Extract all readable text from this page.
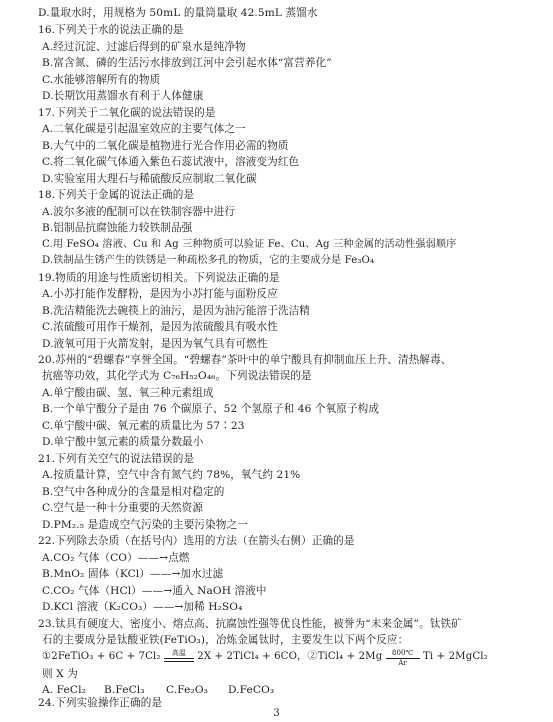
D.量取水时，用规格为 50mL 的量筒量取 42.5mL 蒸馏水
16.下列关于水的说法正确的是
A.经过沉淀、过滤后得到的矿泉水是纯净物
B.富含氮、磷的生活污水排放到江河中会引起水体“富营养化”
C.水能够溶解所有的物质
D.长期饮用蒸馏水有利于人体健康
17.下列关于二氧化碳的说法错误的是
A.二氧化碳是引起温室效应的主要气体之一
B.大气中的二氧化碳是植物进行光合作用必需的物质
C.将二氧化碳气体通入紫色石蕊试液中，溶液变为红色
D.实验室用大理石与稀硫酸反应制取二氧化碳
18.下列关于金属的说法正确的是
A.波尔多液的配制可以在铁制容器中进行
B.铝制品抗腐蚀能力较铁制品强
C.用 FeSO₄ 溶液、Cu 和 Ag 三种物质可以验证 Fe、Cu、Ag 三种金属的活动性强弱顺序
D.铁制品生锈产生的铁锈是一种疏松多孔的物质，它的主要成分是 Fe₃O₄
19.物质的用途与性质密切相关。下列说法正确的是
A.小苏打能作发酵粉，是因为小苏打能与面粉反应
B.洗洁精能洗去碗筷上的油污，是因为油污能溶于洗洁精
C.浓硫酸可用作干燥剂，是因为浓硫酸具有吸水性
D.液氧可用于火箭发射，是因为氧气具有可燃性
20.苏州的“碧螺春”享誉全国。“碧螺春”茶叶中的单宁酸具有抑制血压上升、清热解毒、
抗癌等功效，其化学式为 C₇₆H₅₂O₄₆。下列说法错误的是
A.单宁酸由碳、氢、氧三种元素组成
B.一个单宁酸分子是由 76 个碳原子、52 个氢原子和 46 个氧原子构成
C.单宁酸中碳、氧元素的质量比为 57∶23
D.单宁酸中氢元素的质量分数最小
21.下列有关空气的说法错误的是
A.按质量计算，空气中含有氮气约 78%，氧气约 21%
B.空气中各种成分的含量是相对稳定的
C.空气是一种十分重要的天然资源
D.PM₂.₅ 是造成空气污染的主要污染物之一
22.下列除去杂质（在括号内）选用的方法（在箭头右侧）正确的是
A.CO₂ 气体（CO）——→点燃
B.MnO₂ 固体（KCl）——→加水过滤
C.CO₂ 气体（HCl）——→通入 NaOH 溶液中
D.KCl 溶液（K₂CO₃）——→加稀 H₂SO₄
23.钛具有硬度大、密度小、熔点高、抗腐蚀性强等优良性能，被誉为“未来金属”。钛铁矿
石的主要成分是钛酸亚铁(FeTiO₃)，冶炼金属钛时，主要发生以下两个反应：
①2FeTiO₃ + 6C + 7Cl₂	高温	2X + 2TiCl₄ + 6CO，②TiCl₄ + $2Mg \frac{800℃}{Ar}$ Ti + 2MgCl₂
则 X 为
A. FeCl₂ B.FeCl₃ C.Fe₂O₃ D.FeCO₃
24.下列实验操作正确的是
3
